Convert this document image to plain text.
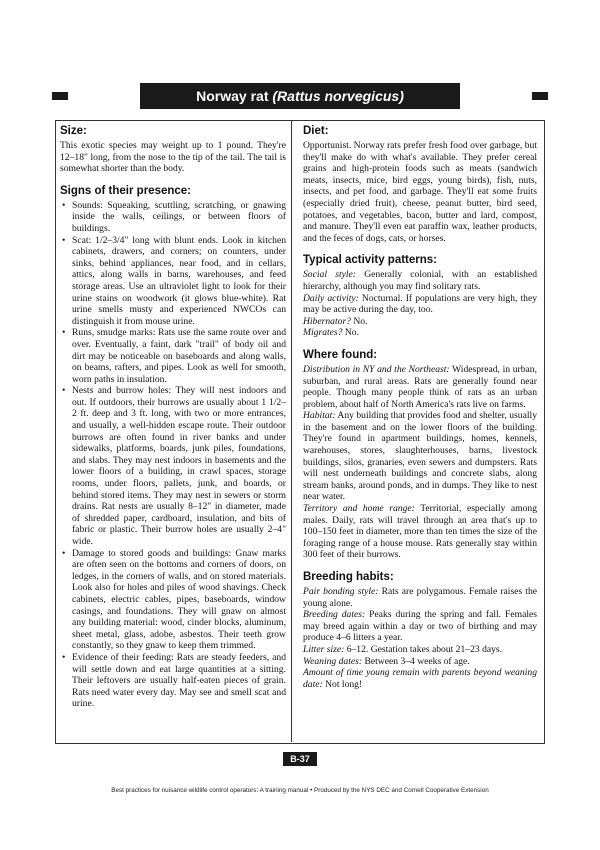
Norway rat (Rattus norvegicus)
Size:

This exotic species may weight up to 1 pound. They're 12–18" long, from the nose to the tip of the tail. The tail is somewhat shorter than the body.

Signs of their presence:
• Sounds: Squeaking, scuttling, scratching, or gnawing inside the walls, ceilings, or between floors of buildings.
• Scat: 1/2–3/4" long with blunt ends. Look in kitchen cabinets, drawers, and corners; on counters, under sinks, behind appliances, near food, and in cellars, attics, along walls in barns, warehouses, and feed storage areas. Use an ultraviolet light to look for their urine stains on woodwork (it glows blue-white). Rat urine smells musty and experienced NWCOs can distinguish it from mouse urine.
• Runs, smudge marks: Rats use the same route over and over. Eventually, a faint, dark "trail" of body oil and dirt may be noticeable on baseboards and along walls, on beams, rafters, and pipes. Look as well for smooth, worn paths in insulation.
• Nests and burrow holes: They will nest indoors and out. If outdoors, their burrows are usually about 1 1/2–2 ft. deep and 3 ft. long, with two or more entrances, and usually, a well-hidden escape route. Their outdoor burrows are often found in river banks and under sidewalks, platforms, boards, junk piles, foundations, and slabs. They may nest indoors in basements and the lower floors of a building, in crawl spaces, storage rooms, under floors, pallets, junk, and boards, or behind stored items. They may nest in sewers or storm drains. Rat nests are usually 8–12" in diameter, made of shredded paper, cardboard, insulation, and bits of fabric or plastic. Their burrow holes are usually 2–4" wide.
• Damage to stored goods and buildings: Gnaw marks are often seen on the bottoms and corners of doors, on ledges, in the corners of walls, and on stored materials. Look also for holes and piles of wood shavings. Check cabinets, electric cables, pipes, baseboards, window casings, and foundations. They will gnaw on almost any building material: wood, cinder blocks, aluminum, sheet metal, glass, adobe, asbestos. Their teeth grow constantly, so they gnaw to keep them trimmed.
• Evidence of their feeding: Rats are steady feeders, and will settle down and eat large quantities at a sitting. Their leftovers are usually half-eaten pieces of grain. Rats need water every day. May see and smell scat and urine.
Diet:

Opportunist. Norway rats prefer fresh food over garbage, but they'll make do with what's available. They prefer cereal grains and high-protein foods such as meats (sandwich meats, insects, mice, bird eggs, young birds), fish, nuts, insects, and pet food, and garbage. They'll eat some fruits (especially dried fruit), cheese, peanut butter, bird seed, potatoes, and vegetables, bacon, butter and lard, compost, and manure. They'll even eat paraffin wax, leather products, and the feces of dogs, cats, or horses.

Typical activity patterns:

Social style: Generally colonial, with an established hierarchy, although you may find solitary rats.

Daily activity: Nocturnal. If populations are very high, they may be active during the day, too.

Hibernator? No.

Migrates? No.

Where found:

Distribution in NY and the Northeast: Widespread, in urban, suburban, and rural areas. Rats are generally found near people. Though many people think of rats as an urban problem, about half of North America's rats live on farms.

Habitat: Any building that provides food and shelter, usually in the basement and on the lower floors of the building. They're found in apartment buildings, homes, kennels, warehouses, stores, slaughterhouses, barns, livestock buildings, silos, granaries, even sewers and dumpsters. Rats will nest underneath buildings and concrete slabs, along stream banks, around ponds, and in dumps. They like to nest near water.

Territory and home range: Territorial, especially among males. Daily, rats will travel through an area that's up to 100–150 feet in diameter, more than ten times the size of the foraging range of a house mouse. Rats generally stay within 300 feet of their burrows.

Breeding habits:

Pair bonding style: Rats are polygamous. Female raises the young alone.

Breeding dates: Peaks during the spring and fall. Females may breed again within a day or two of birthing and may produce 4–6 litters a year.

Litter size: 6–12. Gestation takes about 21–23 days.

Weaning dates: Between 3–4 weeks of age.

Amount of time young remain with parents beyond weaning date: Not long!

B-37
Best practices for nuisance wildlife control operators: A training manual • Produced by the NYS DEC and Cornell Cooperative Extension
